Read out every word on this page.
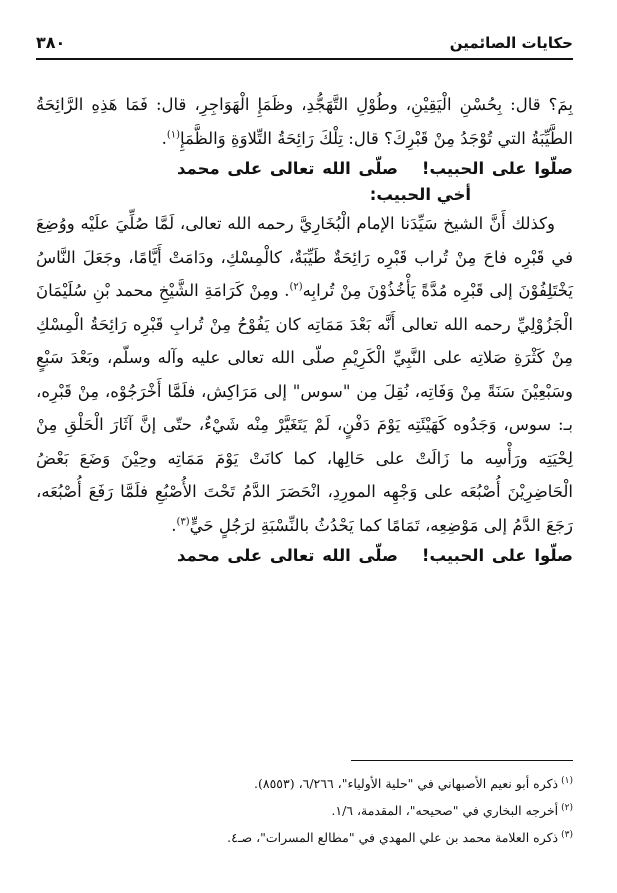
حكايات الصائمين
٣٨٠

بِمَ؟ قال: بِحُسْنِ الْيَقِيْنِ، وطُوْلِ التَّهَجُّدِ، وظَمَإِ الْهَوَاجِرِ، قال: فَمَا هَذِهِ الرَّائِحَةُ الطَّيِّبَةُ التي تُوْجَدُ مِنْ قَبْرِكَ؟ قال: تِلْكَ رَائِحَةُ التِّلاوَةِ وَالظَّمَإِ$^{(١)}$.

صلّوا على الحبيب!صلّى الله تعالى على محمد
أخي الحبيب:

وكذلك أَنَّ الشيخ سَيِّدَنا الإمام الْبُخَارِيَّ رحمه الله تعالى، لَمَّا صُلِّيَ علَيْه ووُضِعَ في قَبْرِه فاحَ مِنْ تُراب قَبْرِه رَائِحَةٌ طَيِّبَةٌ، كالْمِسْكِ، ودَامَتْ أَيَّامًا، وجَعَلَ النَّاسُ يَخْتَلِفُوْنَ إلى قَبْرِه مُدَّةً يَأْخُذُوْنَ مِنْ تُرابِه$^{(٢)}$. ومِنْ كَرَامَةِ الشَّيْخِ محمد بْنِ سُلَيْمَانَ الْجَزُوْلِيِّ رحمه الله تعالى أَنَّه بَعْدَ مَمَاتِه كان يَفُوْحُ مِنْ تُرابِ قَبْرِه رَائِحَةُ الْمِسْكِ مِنْ كَثْرَةِ صَلاتِه على النَّبِيِّ الْكَرِيْمِ صلّى الله تعالى عليه وآله وسلّم، وبَعْدَ سَبْعٍ وسَبْعِيْنَ سَنَةً مِنْ وَفَاتِه، نُقِلَ مِن "سوس" إلى مَرَاكِش، فلَمَّا أَخْرَجُوْه، مِنْ قَبْرِه، بـ: سوس، وَجَدُوه كَهَيْئَتِه يَوْمَ دَفْنٍ، لَمْ يَتَغَيَّرْ مِنْه شَيْءٌ، حتّى إنَّ آثَارَ الْحَلْقِ مِنْ لِحْيَتِه ورَأْسِه ما زَالَتْ على حَالِها، كما كانَتْ يَوْمَ مَمَاتِه وحِيْنَ وَضَعَ بَعْضُ الْحَاضِرِيْنَ أُصْبُعَه على وَجْهِه المورِدِ، انْحَصَرَ الدَّمُ تَحْتَ الأُصْبُعِ فلَمَّا رَفَعَ أُصْبُعَه، رَجَعَ الدَّمُ إلى مَوْضِعِه، تَمَامًا كما يَحْدُثُ بالنِّسْبَةِ لرَجُلٍ حَيٍّ$^{(٣)}$.

صلّوا على الحبيب!صلّى الله تعالى على محمد

$^{(١)}$ذكره أبو نعيم الأصبهاني في "حلية الأولياء"، ٦/٢٦٦، (٨٥٥٣).

$^{(٢)}$أخرجه البخاري في "صحيحه"، المقدمة، ١/٦.

$^{(٣)}$ذكره العلامة محمد بن علي المهدي في "مطالع المسرات"، صـ٤.
